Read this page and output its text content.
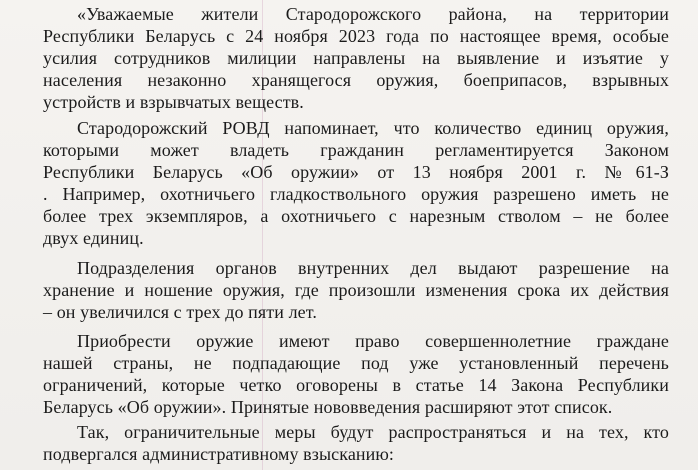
«Уважаемые жители Стародорожского района, на территории
Республики Беларусь с 24 ноября 2023 года по настоящее время, особые
усилия сотрудников милиции направлены на выявление и изъятие у
населения незаконно хранящегося оружия, боеприпасов, взрывных
устройств и взрывчатых веществ.
Стародорожский РОВД напоминает, что количество единиц оружия,
которыми может владеть гражданин регламентируется Законом
Республики Беларусь «Об оружии» от 13 ноября 2001 г. №61-З
. Например, охотничьего гладкоствольного оружия разрешено иметь не
более трех экземпляров, а охотничьего с нарезным стволом – не более
двух единиц.
Подразделения органов внутренних дел выдают разрешение на
хранение и ношение оружия, где произошли изменения срока их действия
– он увеличился с трех до пяти лет.
Приобрести оружие имеют право совершеннолетние граждане
нашей страны, не подпадающие под уже установленный перечень
ограничений, которые четко оговорены в статье 14 Закона Республики
Беларусь «Об оружии». Принятые нововведения расширяют этот список.
Так, ограничительные меры будут распространяться и на тех, кто
подвергался административному взысканию:
